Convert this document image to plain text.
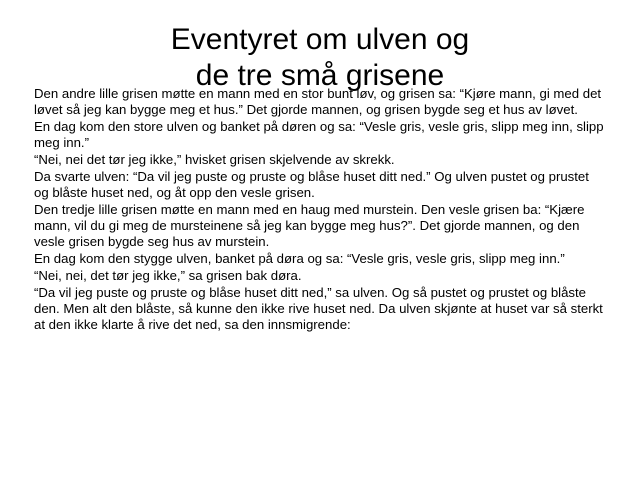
Eventyret om ulven og
de tre små grisene

Den andre lille grisen møtte en mann med en stor bunt løv, og grisen sa: “Kjøre mann, gi med det løvet så jeg kan bygge meg et hus.” Det gjorde mannen, og grisen bygde seg et hus av løvet.

En dag kom den store ulven og banket på døren og sa: “Vesle gris, vesle gris, slipp meg inn, slipp meg inn.”

“Nei, nei det tør jeg ikke,” hvisket grisen skjelvende av skrekk.

Da svarte ulven: “Da vil jeg puste og pruste og blåse huset ditt ned.” Og ulven pustet og prustet og blåste huset ned, og åt opp den vesle grisen.

Den tredje lille grisen møtte en mann med en haug med murstein. Den vesle grisen ba: “Kjære mann, vil du gi meg de mursteinene så jeg kan bygge meg hus?”. Det gjorde mannen, og den vesle grisen bygde seg hus av murstein.

En dag kom den stygge ulven, banket på døra og sa: “Vesle gris, vesle gris, slipp meg inn.”

“Nei, nei, det tør jeg ikke,” sa grisen bak døra.

“Da vil jeg puste og pruste og blåse huset ditt ned,” sa ulven. Og så pustet og prustet og blåste den. Men alt den blåste, så kunne den ikke rive huset ned. Da ulven skjønte at huset var så sterkt at den ikke klarte å rive det ned, sa den innsmigrende:
